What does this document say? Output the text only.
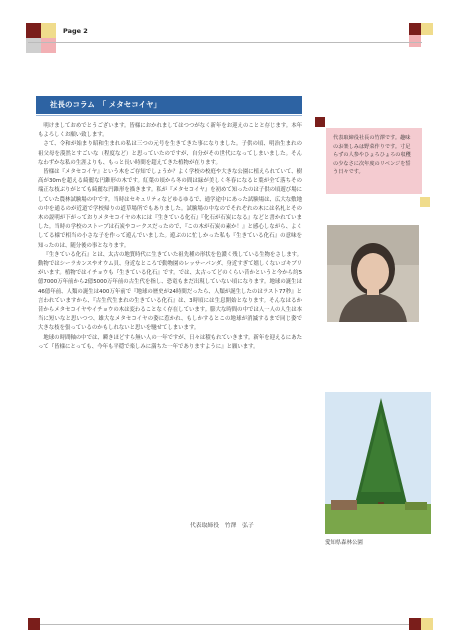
Page 2
社長のコラム　「 メタセコイヤ」

明けましておめでとうございます。皆様におかれましてはつつがなく新年をお迎えのことと存じます。本年もよろしくお願い致します。

さて、令和が始まり昭和生まれの私は三つの元号を生きてきた事になりました。子供の頃、明治生まれの祖父母を漠然とすごいな（程度など）と思っていたのですが、自分がその世代になってしまいました。そんなわずかな私の生涯よりも、もっと長い時間を超えてきた植物が在ります。

皆様は『メタセコイヤ』という木をご存知でしょうか？よく学校の校庭や大きな公園に植えられていて、樹高が30mを超える綺麗な円錐形の木です。紅葉の頃から冬の間は緑が美しく冬春になると葉が全て落ちその端正な枝ぶりがとても綺麗な円錐形を描きます。私が『メタセコイヤ』を初めて知ったのは子供の頃遊び場にしていた農林試験場の中です。当時はセキュリティなどゆるゆるで、通学途中にあった試験場は、広大な敷地の中を通るのが近道で学校帰りの道草場所でもありました。試験場の中なのでそれぞれの木には名札とその木の説明が下がっておりメタセコイヤの木には『生きている化石』『化石が石炭になる』などと書かれていました。当時の学校のストーブは石炭やコークスだったので、『この木が石炭の素か！』と感心しながら、よくしてる様で相当の小さな子を作って遊んでいました。遊ぶのに忙しかった私も『生きている化石』の意味を知ったのは、随分後の事となります。

『生きている化石』とは、太古の地質時代に生きていた祖先種の形状を色濃く残している生物をさします。動物ではシーラカンスやオウム貝、身近なところで動物園のレッサーパンダ、身近すぎて嬉しくないゴキブリがいます。植物ではイチョウも『生きている化石』です。では、太古ってどのくらい昔かというと今から約5億7000万年前から2億5000万年前の古生代を指し、恐竜もまだ出現していない頃になります。地球の誕生は46億年前、人類の誕生は400万年前で『地球の歴史が24時間だったら、人類が誕生したのはラスト77秒』と言われていますから、『古生代生まれの生きている化石』は、3時頃には生息開始となります。そんなはるか昔からメタセコイヤやイチョウの木は変わることなく存在しています。膨大な時間の中では人一人の人生は本当に短いなと思いつつ、雄大なメタセコイヤの姿に惹かれ、もしかするとこの地球が消滅するまで同じ姿で大きな枝を張っているのかもしれないと思いを馳せてしまいます。

地球の時間軸の中では、瞬きほどすら無い人の一年ですが、日々は積もれていきます。新年を迎えるにあたって『皆様にとっても、今年も平穏で楽しみに満ちた一年でありますように』と願います。

代表取締役　竹澤　弘子
代表取締役社長の竹澤です。趣味のお楽しみは野菜作りです。寸足らずの人参やひょろひょろの収穫の少なさに次年度のリベンジを誓う日々です。
愛知県森林公園
